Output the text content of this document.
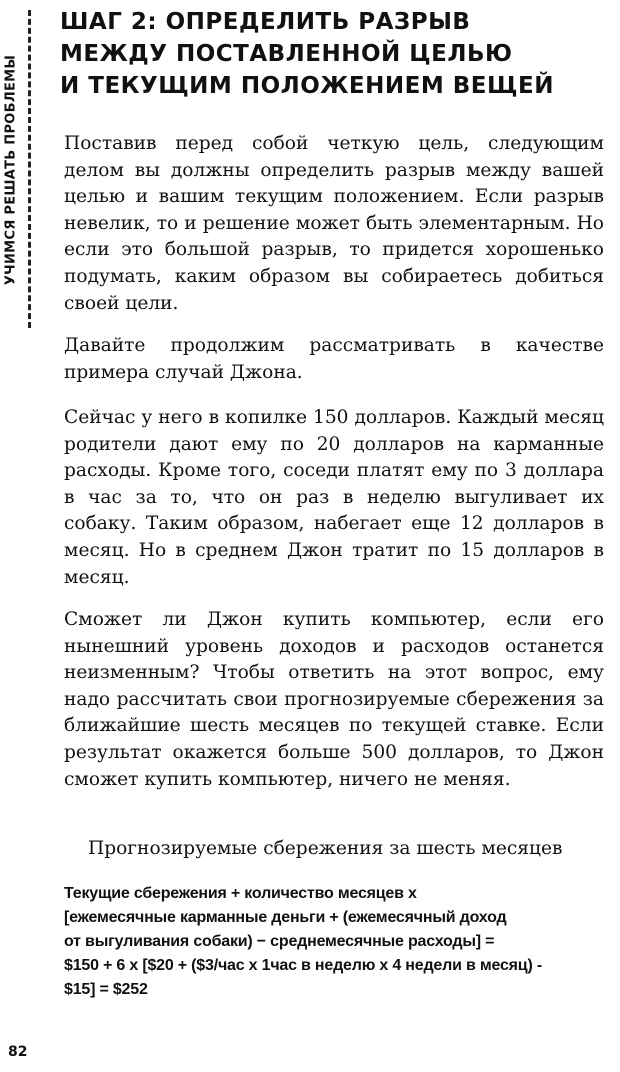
УЧИМСЯ РЕШАТЬ ПРОБЛЕМЫ
ШАГ 2: ОПРЕДЕЛИТЬ РАЗРЫВ
МЕЖДУ ПОСТАВЛЕННОЙ ЦЕЛЬЮ
И ТЕКУЩИМ ПОЛОЖЕНИЕМ ВЕЩЕЙ

Поставив перед собой четкую цель, следующим делом вы должны определить разрыв между вашей целью и вашим текущим положением. Если разрыв невелик, то и решение может быть элементарным. Но если это большой разрыв, то придется хорошенько подумать, каким образом вы собираетесь добиться своей цели.

Давайте продолжим рассматривать в качестве примера случай Джона.

Сейчас у него в копилке 150 долларов. Каждый месяц родители дают ему по 20 долларов на карманные расходы. Кроме того, соседи платят ему по 3 доллара в час за то, что он раз в неделю выгуливает их собаку. Таким образом, набегает еще 12 долларов в месяц. Но в среднем Джон тратит по 15 долларов в месяц.

Сможет ли Джон купить компьютер, если его нынешний уровень доходов и расходов останется неизменным? Чтобы ответить на этот вопрос, ему надо рассчитать свои прогнозируемые сбережения за ближайшие шесть месяцев по текущей ставке. Если результат окажется больше 500 долларов, то Джон сможет купить компьютер, ничего не меняя.

Прогнозируемые сбережения за шесть месяцев
Текущие сбережения + количество месяцев х
[ежемесячные карманные деньги + (ежемесячный доход
от выгуливания собаки) − среднемесячные расходы] =
$150 + 6 х [$20 + ($3/час х 1час в неделю х 4 недели в месяц) -
$15] = $252
82
